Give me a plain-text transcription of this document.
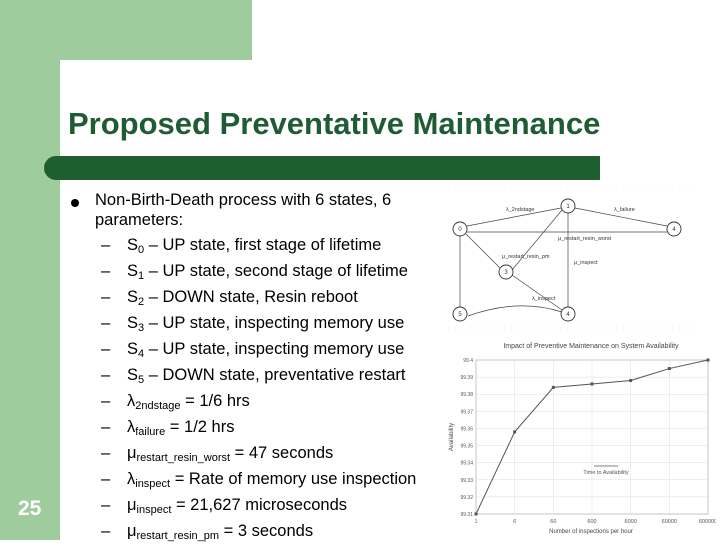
Proposed Preventative Maintenance
25
Non-Birth-Death process with 6 states, 6 parameters:
– $S_0$ – UP state, first stage of lifetime
– $S_1$ – UP state, second stage of lifetime
– $S_2$ – DOWN state, Resin reboot
– $S_3$ – UP state, inspecting memory use
– $S_4$ – UP state, inspecting memory use
– $S_5$ – DOWN state, preventative restart
– $\lambda_{2ndstage} = 1/6$ hrs
– $\lambda_{failure} = 1/2$ hrs
– $\mu_{restart\_resin\_worst} = 47$ seconds
– $\lambda_{inspect}$ = Rate of memory use inspection
– $\mu_{inspect} = 21,627$ microseconds
– $\mu_{restart\_resin\_pm} = 3$ seconds
1
0	4
3
5	4
λ_2ndstage	λ_failure
μ_restart_resin_worst
μ_restart_resin_pm
μ_inspect
λ_inspect
Impact of Preventive Maintenance on System Availability
99.4
99.39
99.38
99.37
99.36
99.35
99.34
99.33
99.32
99.31
1	6	60	600	6000	60000	600000
Number of inspections per hour
Availability
Time to Availability
